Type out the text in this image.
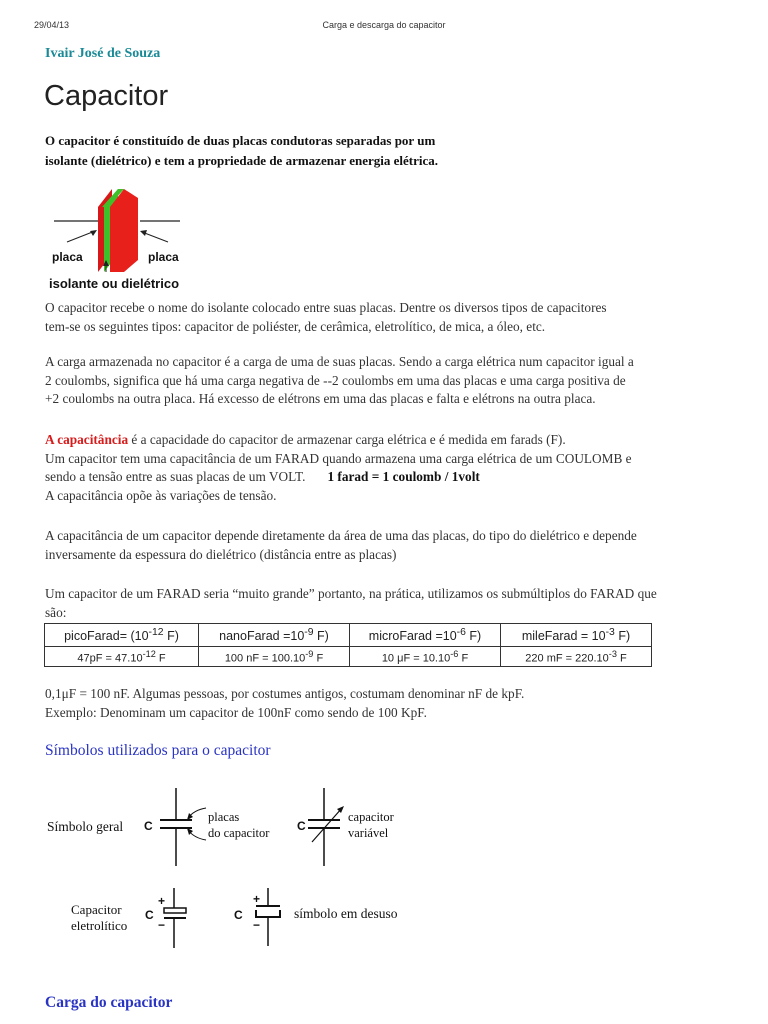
29/04/13	Carga e descarga do capacitor
Ivair José de Souza
Capacitor
O capacitor é constituído de duas placas condutoras separadas por um
isolante (dielétrico) e tem a propriedade de armazenar energia elétrica.
placa	placa
isolante ou dielétrico

O capacitor recebe o nome do isolante colocado entre suas placas. Dentre os diversos tipos de capacitores

tem-se os seguintes tipos: capacitor de poliéster, de cerâmica, eletrolítico, de mica, a óleo, etc.

A carga armazenada no capacitor é a carga de uma de suas placas. Sendo a carga elétrica num capacitor igual a

2 coulombs, significa que há uma carga negativa de --2 coulombs em uma das placas e uma carga positiva de

+2 coulombs na outra placa. Há excesso de elétrons em uma das placas e falta e elétrons na outra placa.

A capacitância é a capacidade do capacitor de armazenar carga elétrica e é medida em farads (F).

Um capacitor tem uma capacitância de um FARAD quando armazena uma carga elétrica de um COULOMB e

sendo a tensão entre as suas placas de um VOLT. 1 farad = 1 coulomb / 1volt

A capacitância opõe às variações de tensão.

A capacitância de um capacitor depende diretamente da área de uma das placas, do tipo do dielétrico e depende

inversamente da espessura do dielétrico (distância entre as placas)

Um capacitor de um FARAD seria “muito grande” portanto, na prática, utilizamos os submúltiplos do FARAD que

são:

picoFarad= ($10^{-12}$ F)	nanoFarad $=10^{-9}$ F)	microFarad $=10^{-6}$ F)	mileFarad = $10^{-3}$ F)
$47pF = 47.10^{-12}$ F	100 nF = $100.10^{-9}$ F	10 $\mu F = 10.10^{-6}$ F	220 mF = $220.10^{-3}$ F

0,1μF = 100 nF. Algumas pessoas, por costumes antigos, costumam denominar nF de kpF.

Exemplo: Denominam um capacitor de 100nF como sendo de 100 KpF.

Símbolos utilizados para o capacitor
Símbolo geral C
placas
do capacitor C
capacitor
variável
Capacitor
eletrolítico
C
+
−
C
+
−
símbolo em desuso
Carga do capacitor
